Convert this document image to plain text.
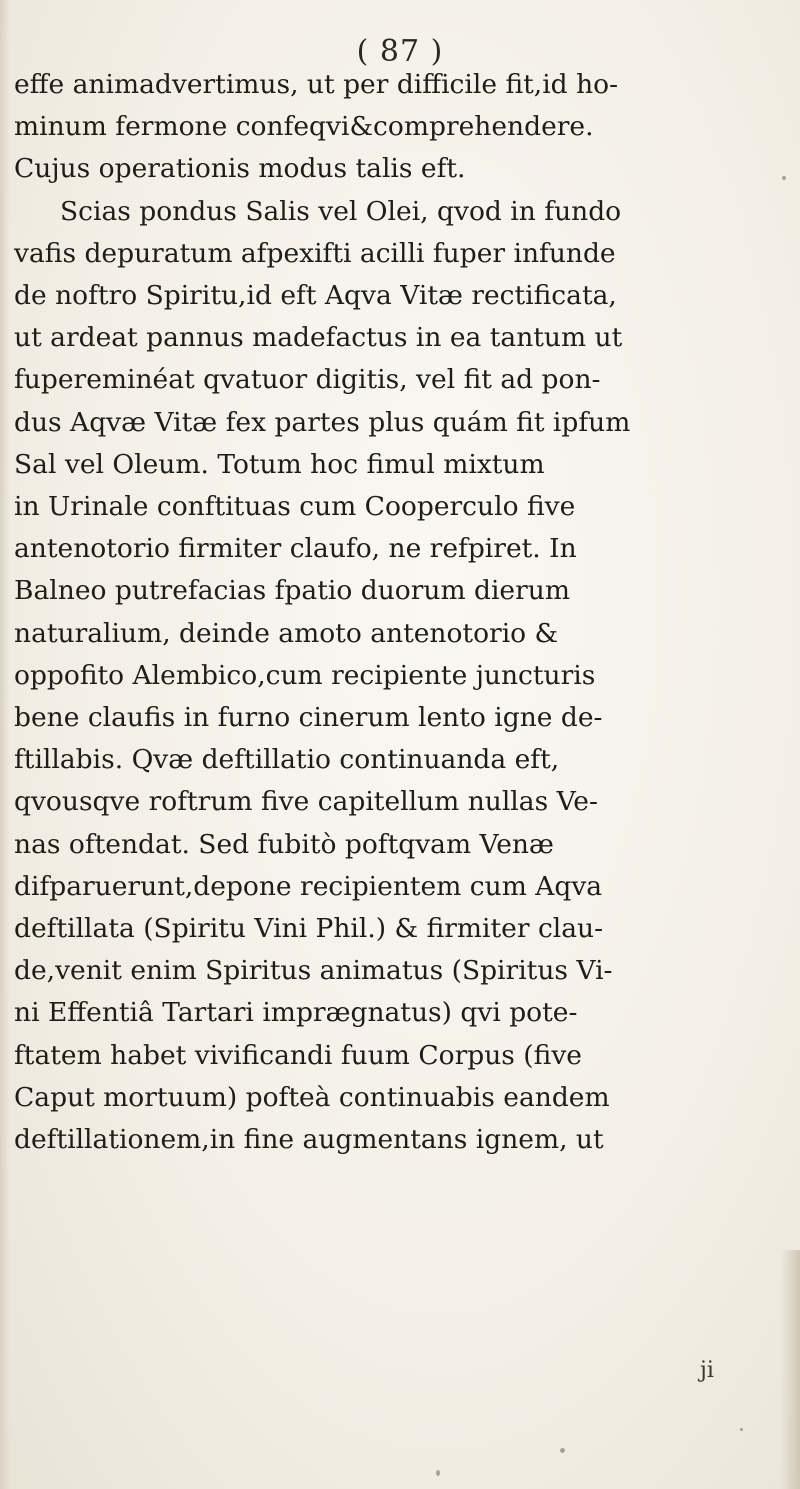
( 87 )
effe animadvertimus, ut per difficile fit,id ho-
minum fermone confeqvi&comprehendere.
Cujus operationis modus talis eft.
Scias pondus Salis vel Olei, qvod in fundo
vafis depuratum afpexifti acilli fuper infunde
de noftro Spiritu,id eft Aqva Vitæ rectificata,
ut ardeat pannus madefactus in ea tantum ut
fupereminéat qvatuor digitis, vel fit ad pon-
dus Aqvæ Vitæ fex partes plus quám fit ipfum
Sal vel Oleum. Totum hoc fimul mixtum
in Urinale conftituas cum Cooperculo five
antenotorio firmiter claufo, ne refpiret. In
Balneo putrefacias fpatio duorum dierum
naturalium, deinde amoto antenotorio &
oppofito Alembico,cum recipiente juncturis
bene claufis in furno cinerum lento igne de-
ftillabis. Qvæ deftillatio continuanda eft,
qvousqve roftrum five capitellum nullas Ve-
nas oftendat. Sed fubitò poftqvam Venæ
difparuerunt,depone recipientem cum Aqva
deftillata (Spiritu Vini Phil.) & firmiter clau-
de,venit enim Spiritus animatus (Spiritus Vi-
ni Effentiâ Tartari imprægnatus) qvi pote-
ftatem habet vivificandi fuum Corpus (five
Caput mortuum) pofteà continuabis eandem
deftillationem,in fine augmentans ignem, ut
ji
